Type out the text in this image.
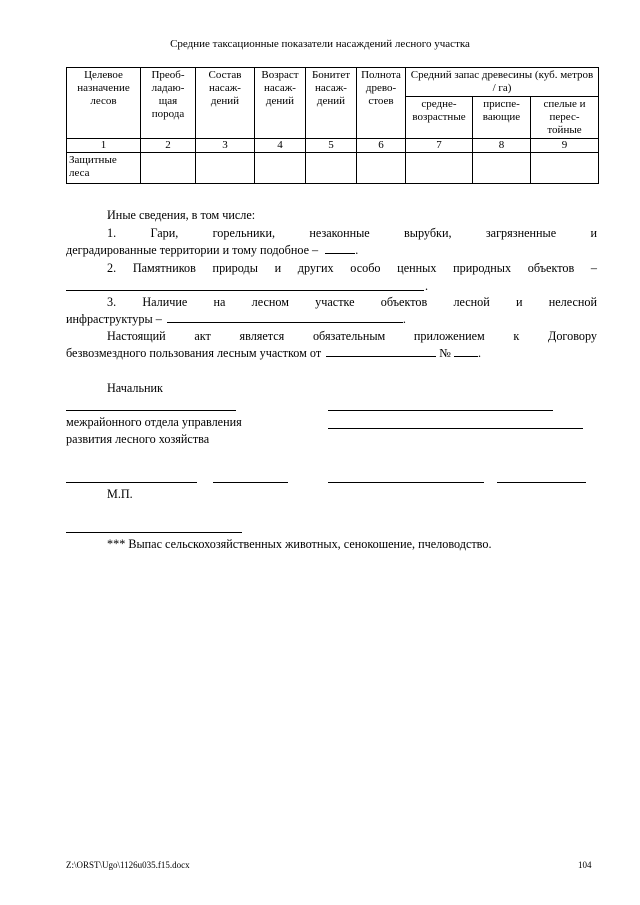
Средние таксационные показатели насаждений лесного участка
Целевое назначение лесов	Преоб-ладаю-щая порода	Состав насаж-дений	Возраст насаж-дений	Бонитет насаж-дений	Полнота древо-стоев	Средний запас древесины (куб. метров / га)		
						средне-возрастные	приспе-вающие	спелые и перес-тойные
1	2	3	4	5	6	7	8	9
Защитные леса								
Иные сведения, в том числе:
1. Гари, горельники, незаконные вырубки, загрязненные и
деградированные территории и тому подобное –	.
2. Памятников природы и других особо ценных природных объектов –
.
3. Наличие на лесном участке объектов лесной и нелесной
инфраструктуры –	.
Настоящий акт является обязательным приложением к Договору
безвозмездного пользования лесным участком от	№ .
Начальник
межрайонного отдела управления
развития лесного хозяйства
М.П.
*** Выпас сельскохозяйственных животных, сенокошение, пчеловодство.
Z:\ORST\Ugo\1126u035.f15.docx	104
